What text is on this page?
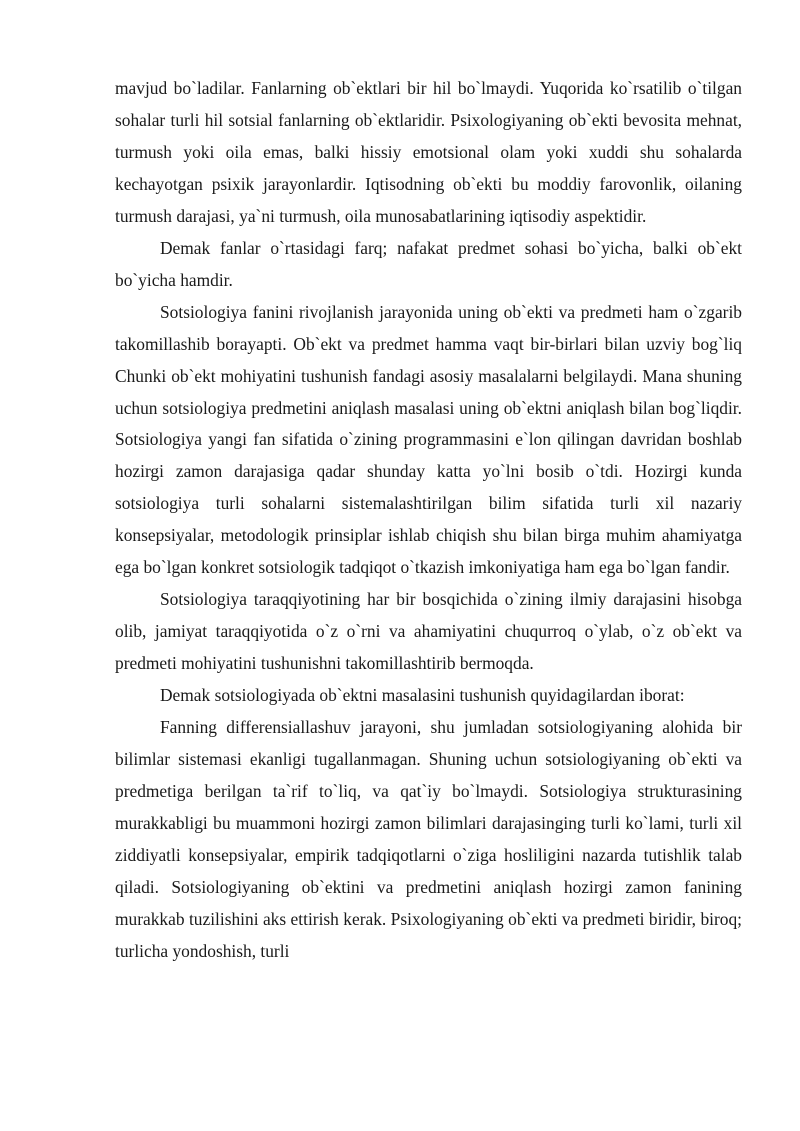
mavjud bo`ladilar. Fanlarning ob`ektlari bir hil bo`lmaydi. Yuqorida ko`rsatilib o`tilgan sohalar turli hil sotsial fanlarning ob`ektlaridir. Psixologiyaning ob`ekti bevosita mehnat, turmush yoki oila emas, balki hissiy emotsional olam yoki xuddi shu sohalarda kechayotgan psixik jarayonlardir. Iqtisodning ob`ekti bu moddiy farovonlik, oilaning turmush darajasi, ya`ni turmush, oila munosabatlarining iqtisodiy aspektidir.

Demak fanlar o`rtasidagi farq; nafakat predmet sohasi bo`yicha, balki ob`ekt bo`yicha hamdir.

Sotsiologiya fanini rivojlanish jarayonida uning ob`ekti va predmeti ham o`zgarib takomillashib borayapti. Ob`ekt va predmet hamma vaqt bir-birlari bilan uzviy bog`liq Chunki ob`ekt mohiyatini tushunish fandagi asosiy masalalarni belgilaydi. Mana shuning uchun sotsiologiya predmetini aniqlash masalasi uning ob`ektni aniqlash bilan bog`liqdir. Sotsiologiya yangi fan sifatida o`zining programmasini e`lon qilingan davridan boshlab hozirgi zamon darajasiga qadar shunday katta yo`lni bosib o`tdi. Hozirgi kunda sotsiologiya turli sohalarni sistemalashtirilgan bilim sifatida turli xil nazariy konsepsiyalar, metodologik prinsiplar ishlab chiqish shu bilan birga muhim ahamiyatga ega bo`lgan konkret sotsiologik tadqiqot o`tkazish imkoniyatiga ham ega bo`lgan fandir.

Sotsiologiya taraqqiyotining har bir bosqichida o`zining ilmiy darajasini hisobga olib, jamiyat taraqqiyotida o`z o`rni va ahamiyatini chuqurroq o`ylab, o`z ob`ekt va predmeti mohiyatini tushunishni takomillashtirib bermoqda.

Demak sotsiologiyada ob`ektni masalasini tushunish quyidagilardan iborat:

Fanning differensiallashuv jarayoni, shu jumladan sotsiologiyaning alohida bir bilimlar sistemasi ekanligi tugallanmagan. Shuning uchun sotsiologiyaning ob`ekti va predmetiga berilgan ta`rif to`liq, va qat`iy bo`lmaydi. Sotsiologiya strukturasining murakkabligi bu muammoni hozirgi zamon bilimlari darajasinging turli ko`lami, turli xil ziddiyatli konsepsiyalar, empirik tadqiqotlarni o`ziga hosliligini nazarda tutishlik talab qiladi. Sotsiologiyaning ob`ektini va predmetini aniqlash hozirgi zamon fanining murakkab tuzilishini aks ettirish kerak. Psixologiyaning ob`ekti va predmeti biridir, biroq; turlicha yondoshish, turli
